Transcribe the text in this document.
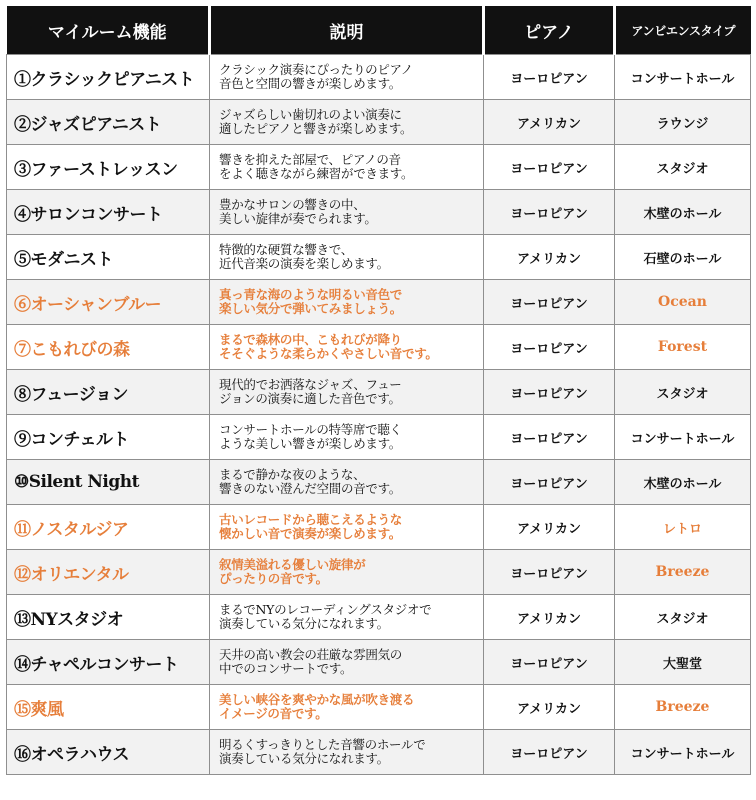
マイルーム機能	説明	ピアノ	アンビエンスタイプ
①クラシックピアニスト	クラシック演奏にぴったりのピアノ
音色と空間の響きが楽しめます。	ヨーロピアン	コンサートホール
②ジャズピアニスト	ジャズらしい歯切れのよい演奏に
適したピアノと響きが楽しめます。	アメリカン	ラウンジ
③ファーストレッスン	響きを抑えた部屋で、ピアノの音
をよく聴きながら練習ができます。	ヨーロピアン	スタジオ
④サロンコンサート	豊かなサロンの響きの中、
美しい旋律が奏でられます。	ヨーロピアン	木壁のホール
⑤モダニスト	特徴的な硬質な響きで、
近代音楽の演奏を楽しめます。	アメリカン	石壁のホール
⑥オーシャンブルー	真っ青な海のような明るい音色で
楽しい気分で弾いてみましょう。	ヨーロピアン	Ocean
⑦こもれびの森	まるで森林の中、こもれびが降り
そそぐような柔らかくやさしい音です。	ヨーロピアン	Forest
⑧フュージョン	現代的でお洒落なジャズ、フュー
ジョンの演奏に適した音色です。	ヨーロピアン	スタジオ
⑨コンチェルト	コンサートホールの特等席で聴く
ような美しい響きが楽しめます。	ヨーロピアン	コンサートホール
⑩Silent Night	まるで静かな夜のような、
響きのない澄んだ空間の音です。	ヨーロピアン	木壁のホール
⑪ノスタルジア	古いレコードから聴こえるような
懐かしい音で演奏が楽しめます。	アメリカン	レトロ
⑫オリエンタル	叙情美溢れる優しい旋律が
ぴったりの音です。	ヨーロピアン	Breeze
⑬NYスタジオ	まるでNYのレコーディングスタジオで
演奏している気分になれます。	アメリカン	スタジオ
⑭チャペルコンサート	天井の高い教会の荘厳な雰囲気の
中でのコンサートです。	ヨーロピアン	大聖堂
⑮爽風	美しい峡谷を爽やかな風が吹き渡る
イメージの音です。	アメリカン	Breeze
⑯オペラハウス	明るくすっきりとした音響のホールで
演奏している気分になれます。	ヨーロピアン	コンサートホール
